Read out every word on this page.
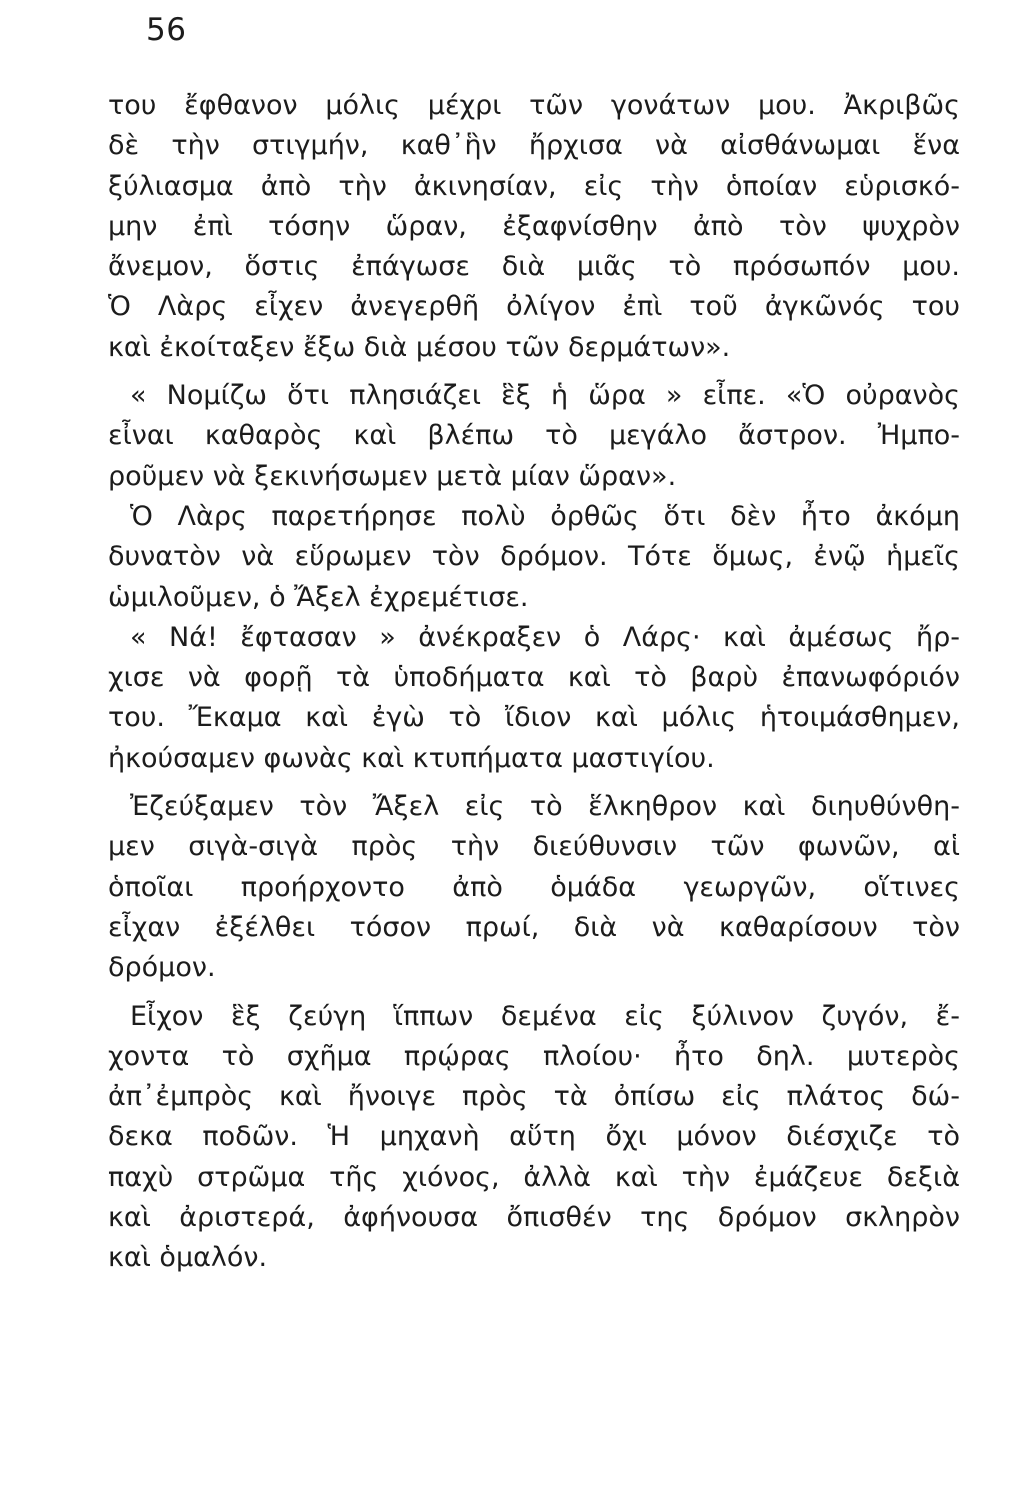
56
του ἔφθανον μόλις μέχρι τῶν γονάτων μου. Ἀκριβῶς
δὲ τὴν στιγμήν, καθ᾽ἣν ἤρχισα νὰ αἰσθάνωμαι ἕνα
ξύλιασμα ἀπὸ τὴν ἀκινησίαν, εἰς τὴν ὁποίαν εὑρισκό-
μην ἐπὶ τόσην ὥραν, ἐξαφνίσθην ἀπὸ τὸν ψυχρὸν
ἄνεμον, ὅστις ἐπάγωσε διὰ μιᾶς τὸ πρόσωπόν μου.
Ὁ Λὰρς εἶχεν ἀνεγερθῆ ὀλίγον ἐπὶ τοῦ ἀγκῶνός του
καὶ ἐκοίταξεν ἔξω διὰ μέσου τῶν δερμάτων».
« Νομίζω ὅτι πλησιάζει ἓξ ἡ ὥρα » εἶπε. «Ὁ οὐρανὸς
εἶναι καθαρὸς καὶ βλέπω τὸ μεγάλο ἄστρον. Ἠμπο-
ροῦμεν νὰ ξεκινήσωμεν μετὰ μίαν ὥραν».
Ὁ Λὰρς παρετήρησε πολὺ ὀρθῶς ὅτι δὲν ἦτο ἀκόμη
δυνατὸν νὰ εὕρωμεν τὸν δρόμον. Τότε ὅμως, ἐνῷ ἡμεῖς
ὡμιλοῦμεν, ὁ Ἄξελ ἐχρεμέτισε.
« Νά! ἔφτασαν » ἀνέκραξεν ὁ Λάρς· καὶ ἀμέσως ἤρ-
χισε νὰ φορῇ τὰ ὑποδήματα καὶ τὸ βαρὺ ἐπανωφόριόν
του. Ἔκαμα καὶ ἐγὼ τὸ ἴδιον καὶ μόλις ἡτοιμάσθημεν,
ἠκούσαμεν φωνὰς καὶ κτυπήματα μαστιγίου.
Ἐζεύξαμεν τὸν Ἄξελ εἰς τὸ ἕλκηθρον καὶ διηυθύνθη-
μεν σιγὰ-σιγὰ πρὸς τὴν διεύθυνσιν τῶν φωνῶν, αἱ
ὁποῖαι προήρχοντο ἀπὸ ὁμάδα γεωργῶν, οἵτινες
εἶχαν ἐξέλθει τόσον πρωί, διὰ νὰ καθαρίσουν τὸν
δρόμον.
Εἶχον ἓξ ζεύγη ἵππων δεμένα εἰς ξύλινον ζυγόν, ἔ-
χοντα τὸ σχῆμα πρῴρας πλοίου· ἦτο δηλ. μυτερὸς
ἀπ᾽ἐμπρὸς καὶ ἤνοιγε πρὸς τὰ ὀπίσω εἰς πλάτος δώ-
δεκα ποδῶν. Ἡ μηχανὴ αὕτη ὄχι μόνον διέσχιζε τὸ
παχὺ στρῶμα τῆς χιόνος, ἀλλὰ καὶ τὴν ἐμάζευε δεξιὰ
καὶ ἀριστερά, ἀφήνουσα ὄπισθέν της δρόμον σκληρὸν
καὶ ὁμαλόν.
